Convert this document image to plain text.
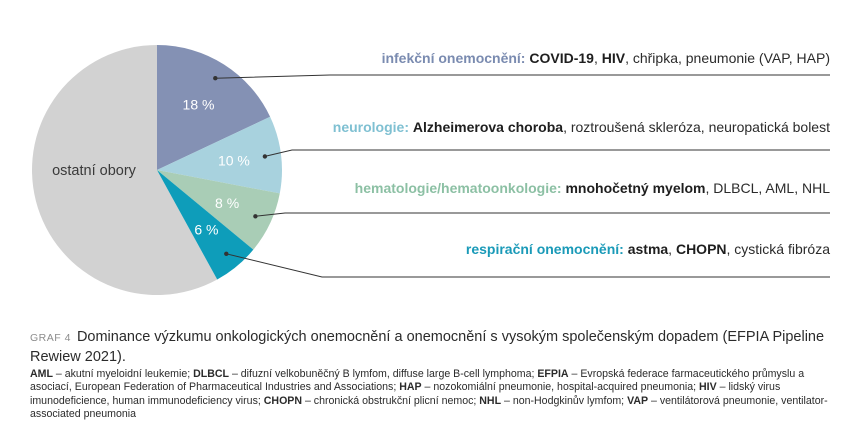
18 %
10 %
8 %
6 %
ostatní obory
infekční onemocnění: COVID-19, HIV, chřipka, pneumonie (VAP, HAP)
neurologie: Alzheimerova choroba, roztroušená skleróza, neuropatická bolest
hematologie/hematoonkologie: mnohočetný myelom, DLBCL, AML, NHL
respirační onemocnění: astma, CHOPN, cystická fibróza
GRAF 4 Dominance výzkumu onkologických onemocnění a onemocnění s vysokým společenským dopadem (EFPIA Pipeline Rewiew 2021).
AML – akutní myeloidní leukemie; DLBCL – difuzní velkobuněčný B lymfom, diffuse large B-cell lymphoma; EFPIA – Evropská federace farmaceutického průmyslu a asociací, European Federation of Pharmaceutical Industries and Associations; HAP – nozokomiální pneumonie, hospital-acquired pneumonia; HIV – lidský virus imunodeficience, human immunodeficiency virus; CHOPN – chronická obstrukční plicní nemoc; NHL – non-Hodgkinův lymfom; VAP – ventilátorová pneumonie, ventilator-associated pneumonia
